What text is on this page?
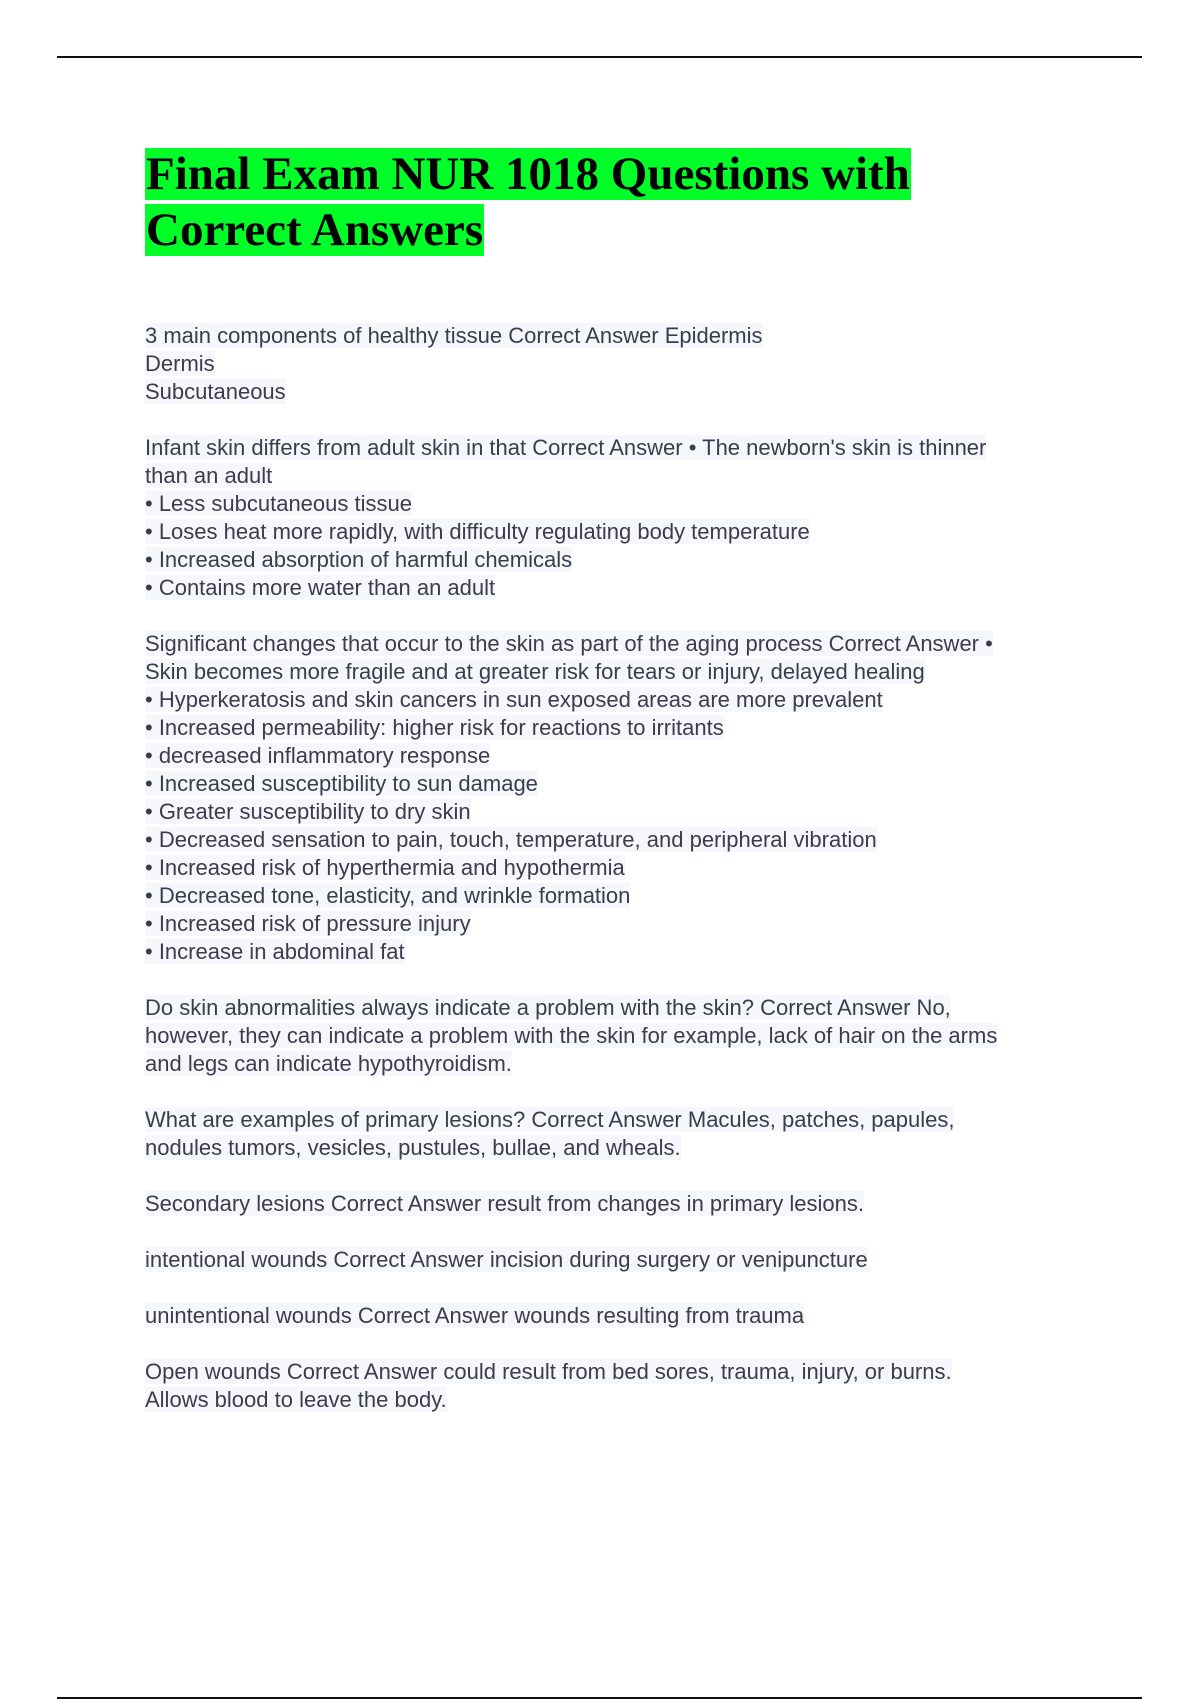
Final Exam NUR 1018 Questions with
Correct Answers
3 main components of healthy tissue Correct Answer Epidermis
Dermis
Subcutaneous
Infant skin differs from adult skin in that Correct Answer • The newborn's skin is thinner
than an adult
• Less subcutaneous tissue
• Loses heat more rapidly, with difficulty regulating body temperature
• Increased absorption of harmful chemicals
• Contains more water than an adult
Significant changes that occur to the skin as part of the aging process Correct Answer •
Skin becomes more fragile and at greater risk for tears or injury, delayed healing
• Hyperkeratosis and skin cancers in sun exposed areas are more prevalent
• Increased permeability: higher risk for reactions to irritants
• decreased inflammatory response
• Increased susceptibility to sun damage
• Greater susceptibility to dry skin
• Decreased sensation to pain, touch, temperature, and peripheral vibration
• Increased risk of hyperthermia and hypothermia
• Decreased tone, elasticity, and wrinkle formation
• Increased risk of pressure injury
• Increase in abdominal fat
Do skin abnormalities always indicate a problem with the skin? Correct Answer No,
however, they can indicate a problem with the skin for example, lack of hair on the arms
and legs can indicate hypothyroidism.
What are examples of primary lesions? Correct Answer Macules, patches, papules,
nodules tumors, vesicles, pustules, bullae, and wheals.
Secondary lesions Correct Answer result from changes in primary lesions.
intentional wounds Correct Answer incision during surgery or venipuncture
unintentional wounds Correct Answer wounds resulting from trauma
Open wounds Correct Answer could result from bed sores, trauma, injury, or burns.
Allows blood to leave the body.
